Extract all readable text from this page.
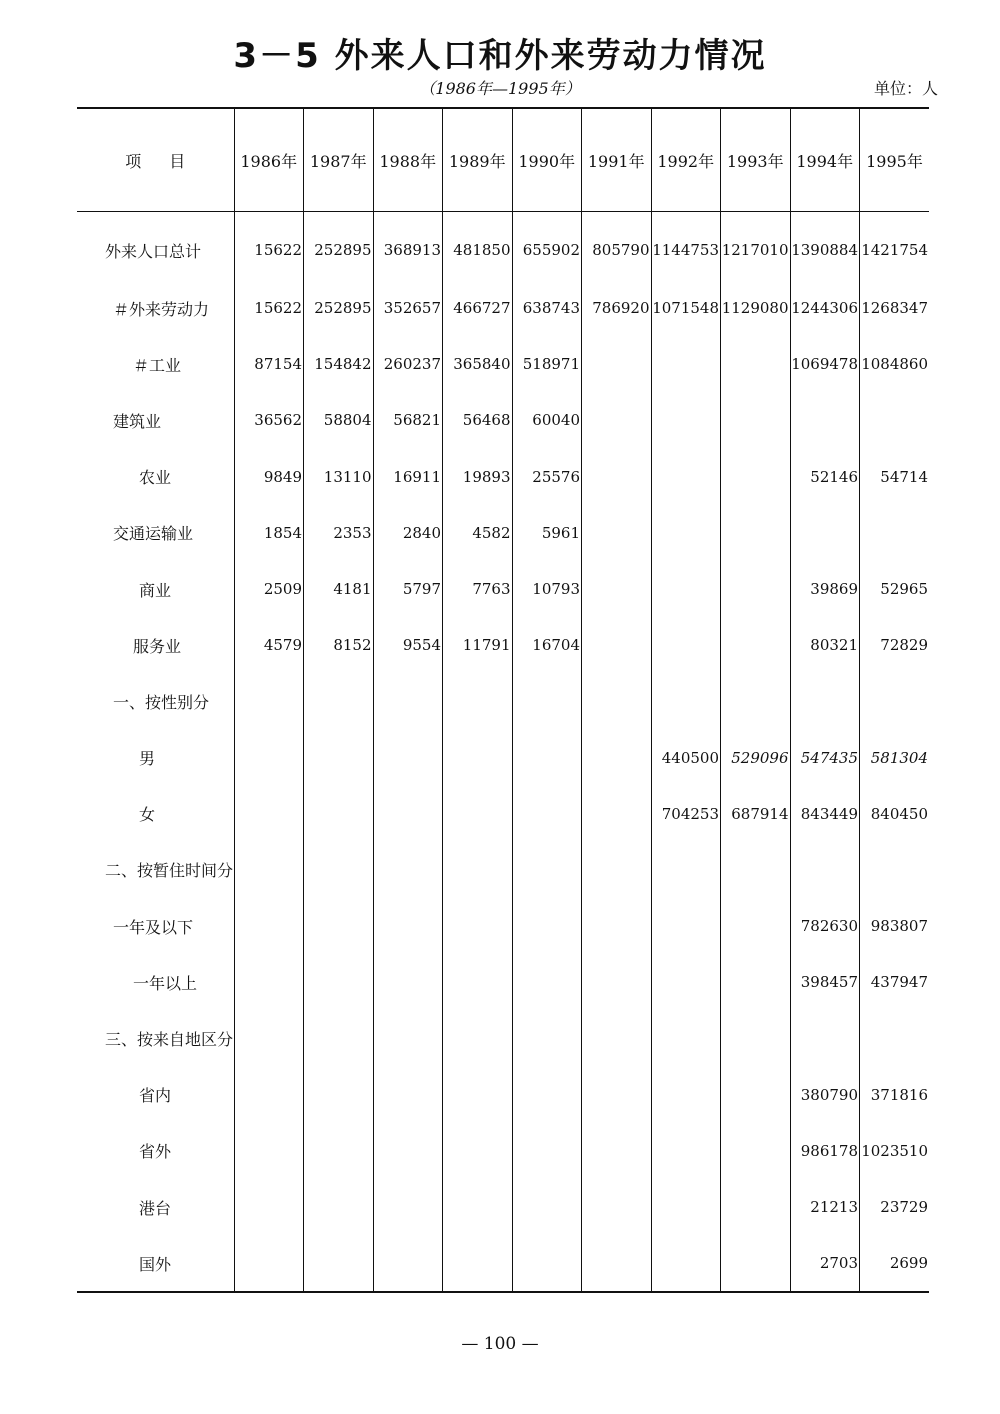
3－5 外来人口和外来劳动力情况
（1986年—1995年）	单位：人
项目	1986年	1987年	1988年	1989年	1990年	1991年	1992年	1993年	1994年	1995年
外来人口总计	15622	252895	368913	481850	655902	805790	1144753	1217010	1390884	1421754
＃外来劳动力	15622	252895	352657	466727	638743	786920	1071548	1129080	1244306	1268347
＃工业	87154	154842	260237	365840	518971				1069478	1084860
建筑业	36562	58804	56821	56468	60040					
农业	9849	13110	16911	19893	25576				52146	54714
交通运输业	1854	2353	2840	4582	5961					
商业	2509	4181	5797	7763	10793				39869	52965
服务业	4579	8152	9554	11791	16704				80321	72829
一、按性别分										
男							440500	529096	547435	581304
女							704253	687914	843449	840450
二、按暂住时间分										
一年及以下									782630	983807
一年以上									398457	437947
三、按来自地区分										
省内									380790	371816
省外									986178	1023510
港台									21213	23729
国外									2703	2699
— 100 —
